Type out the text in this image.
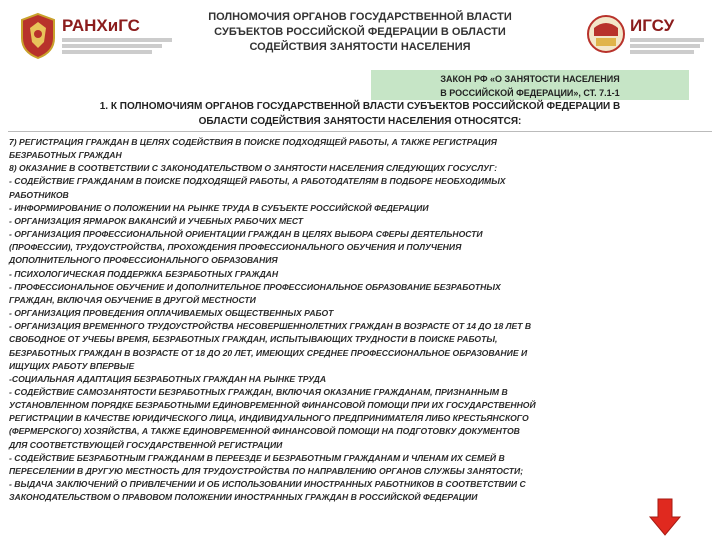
РАНХиГС	ПОЛНОМОЧИЯ ОРГАНОВ ГОСУДАРСТВЕННОЙ ВЛАСТИ
СУБЪЕКТОВ РОССИЙСКОЙ ФЕДЕРАЦИИ В ОБЛАСТИ
СОДЕЙСТВИЯ ЗАНЯТОСТИ НАСЕЛЕНИЯ
ИГСУ
ЗАКОН РФ «О ЗАНЯТОСТИ НАСЕЛЕНИЯ
В РОССИЙСКОЙ ФЕДЕРАЦИИ», СТ. 7.1-1
1. К ПОЛНОМОЧИЯМ ОРГАНОВ ГОСУДАРСТВЕННОЙ ВЛАСТИ СУБЪЕКТОВ РОССИЙСКОЙ ФЕДЕРАЦИИ В
ОБЛАСТИ СОДЕЙСТВИЯ ЗАНЯТОСТИ НАСЕЛЕНИЯ ОТНОСЯТСЯ:
7) РЕГИСТРАЦИЯ ГРАЖДАН В ЦЕЛЯХ СОДЕЙСТВИЯ В ПОИСКЕ ПОДХОДЯЩЕЙ РАБОТЫ, А ТАКЖЕ РЕГИСТРАЦИЯ
БЕЗРАБОТНЫХ ГРАЖДАН
8) ОКАЗАНИЕ В СООТВЕТСТВИИ С ЗАКОНОДАТЕЛЬСТВОМ О ЗАНЯТОСТИ НАСЕЛЕНИЯ СЛЕДУЮЩИХ ГОСУСЛУГ:
- СОДЕЙСТВИЕ ГРАЖДАНАМ В ПОИСКЕ ПОДХОДЯЩЕЙ РАБОТЫ, А РАБОТОДАТЕЛЯМ В ПОДБОРЕ НЕОБХОДИМЫХ
РАБОТНИКОВ
- ИНФОРМИРОВАНИЕ О ПОЛОЖЕНИИ НА РЫНКЕ ТРУДА В СУБЪЕКТЕ РОССИЙСКОЙ ФЕДЕРАЦИИ
- ОРГАНИЗАЦИЯ ЯРМАРОК ВАКАНСИЙ И УЧЕБНЫХ РАБОЧИХ МЕСТ
- ОРГАНИЗАЦИЯ ПРОФЕССИОНАЛЬНОЙ ОРИЕНТАЦИИ ГРАЖДАН В ЦЕЛЯХ ВЫБОРА СФЕРЫ ДЕЯТЕЛЬНОСТИ
(ПРОФЕССИИ), ТРУДОУСТРОЙСТВА, ПРОХОЖДЕНИЯ ПРОФЕССИОНАЛЬНОГО ОБУЧЕНИЯ И ПОЛУЧЕНИЯ
ДОПОЛНИТЕЛЬНОГО ПРОФЕССИОНАЛЬНОГО ОБРАЗОВАНИЯ
- ПСИХОЛОГИЧЕСКАЯ ПОДДЕРЖКА БЕЗРАБОТНЫХ ГРАЖДАН
- ПРОФЕССИОНАЛЬНОЕ ОБУЧЕНИЕ И ДОПОЛНИТЕЛЬНОЕ ПРОФЕССИОНАЛЬНОЕ ОБРАЗОВАНИЕ БЕЗРАБОТНЫХ
ГРАЖДАН, ВКЛЮЧАЯ ОБУЧЕНИЕ В ДРУГОЙ МЕСТНОСТИ
- ОРГАНИЗАЦИЯ ПРОВЕДЕНИЯ ОПЛАЧИВАЕМЫХ ОБЩЕСТВЕННЫХ РАБОТ
- ОРГАНИЗАЦИЯ ВРЕМЕННОГО ТРУДОУСТРОЙСТВА НЕСОВЕРШЕННОЛЕТНИХ ГРАЖДАН В ВОЗРАСТЕ ОТ 14 ДО 18 ЛЕТ В
СВОБОДНОЕ ОТ УЧЕБЫ ВРЕМЯ, БЕЗРАБОТНЫХ ГРАЖДАН, ИСПЫТЫВАЮЩИХ ТРУДНОСТИ В ПОИСКЕ РАБОТЫ,
БЕЗРАБОТНЫХ ГРАЖДАН В ВОЗРАСТЕ ОТ 18 ДО 20 ЛЕТ, ИМЕЮЩИХ СРЕДНЕЕ ПРОФЕССИОНАЛЬНОЕ ОБРАЗОВАНИЕ И
ИЩУЩИХ РАБОТУ ВПЕРВЫЕ
-СОЦИАЛЬНАЯ АДАПТАЦИЯ БЕЗРАБОТНЫХ ГРАЖДАН НА РЫНКЕ ТРУДА
- СОДЕЙСТВИЕ САМОЗАНЯТОСТИ БЕЗРАБОТНЫХ ГРАЖДАН, ВКЛЮЧАЯ ОКАЗАНИЕ ГРАЖДАНАМ, ПРИЗНАННЫМ В
УСТАНОВЛЕННОМ ПОРЯДКЕ БЕЗРАБОТНЫМИ ЕДИНОВРЕМЕННОЙ ФИНАНСОВОЙ ПОМОЩИ ПРИ ИХ ГОСУДАРСТВЕННОЙ
РЕГИСТРАЦИИ В КАЧЕСТВЕ ЮРИДИЧЕСКОГО ЛИЦА, ИНДИВИДУАЛЬНОГО ПРЕДПРИНИМАТЕЛЯ ЛИБО КРЕСТЬЯНСКОГО
(ФЕРМЕРСКОГО) ХОЗЯЙСТВА, А ТАКЖЕ ЕДИНОВРЕМЕННОЙ ФИНАНСОВОЙ ПОМОЩИ НА ПОДГОТОВКУ ДОКУМЕНТОВ
ДЛЯ СООТВЕТСТВУЮЩЕЙ ГОСУДАРСТВЕННОЙ РЕГИСТРАЦИИ
- СОДЕЙСТВИЕ БЕЗРАБОТНЫМ ГРАЖДАНАМ В ПЕРЕЕЗДЕ И БЕЗРАБОТНЫМ ГРАЖДАНАМ И ЧЛЕНАМ ИХ СЕМЕЙ В
ПЕРЕСЕЛЕНИИ В ДРУГУЮ МЕСТНОСТЬ ДЛЯ ТРУДОУСТРОЙСТВА ПО НАПРАВЛЕНИЮ ОРГАНОВ СЛУЖБЫ ЗАНЯТОСТИ;
- ВЫДАЧА ЗАКЛЮЧЕНИЙ О ПРИВЛЕЧЕНИИ И ОБ ИСПОЛЬЗОВАНИИ ИНОСТРАННЫХ РАБОТНИКОВ В СООТВЕТСТВИИ С
ЗАКОНОДАТЕЛЬСТВОМ О ПРАВОВОМ ПОЛОЖЕНИИ ИНОСТРАННЫХ ГРАЖДАН В РОССИЙСКОЙ ФЕДЕРАЦИИ
